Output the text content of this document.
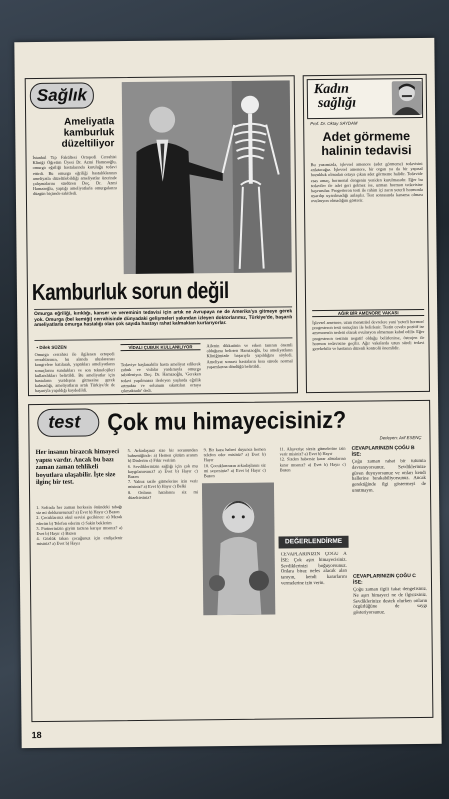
Sağlık
Ameliyatla kamburluk düzeltiliyor
İstanbul Tıp Fakültesi Ortopedi Cerrahisi Kliniği Öğretim Üyesi Dr. Azmi Hamzaoğlu, omurga eğriliği hastalarında kuruluğu tedavi ettirdi. Bu omurga eğriliği hastalıklarının ameliyatla düzeltilebildiği ameliyatlar üzerinde çalışmalarını sürdüren Doç. Dr. Azmi Hamzaoğlu, yaptığı ameliyatlarla omurgalarını düzgün biçimde sabitledi.
Kamburluk sorun değil
Omurga eğriliği, kırıklığı, kanser ve vereminin tedavisi için artık ne Avrupaya ne de Amerika'ya gitmeye gerek yok. Omurga (bel kemiği) cerrahisinde dünyadaki gelişmeleri yakından izleyen doktorlarımız, Türkiye'de, başarılı ameliyatlarla omurga hastalığı olan çok sayıda hastayı rahat kalmaktan kurtarıyorlar.
• Dilek SÜZEN
Omurga cerrahisi ile ilgilenen ortopedi cerrahlarının, bu alanda uluslararası kongrelere katılarak, yaptıkları ameliyatların sonuçlarını sundukları ve son teknolojileri kullandıkları belirtildi. Bu ameliyatlar için hastaların yurtdışına gitmesine gerek kalmadığı, ameliyatların artık Türkiye'de de başarıyla yapıldığı kaydedildi.
Tedaviye başlanabilir hasta ameliyat edilerek çubuk ve vidalar yardımıyla omurga sabitleniyor. Doç. Dr. Hamzaoğlu, 'Gereken tedavi yapılmazsa ilerleyen yaşlarda eğrilik artmakta ve solunum sıkıntıları ortaya çıkmaktadır' dedi.
VİDALI ÇUBUK KULLANILIYOR	Ailenin dikkatinin ve erken tanının önemli olduğunu belirten Hamzaoğlu, bu ameliyatların Kliniğimizde başarıyla yapıldığını söyledi. Ameliyat sonrası hastaların kısa sürede normal yaşamlarına döndüğü belirtildi.
Kadın
sağlığı
Prof. Dr. Oktay SAYDAM
Adet görmeme halinin tedavisi
Bu yazımızda, işlevsel amenore (adet görmeme) tedavisini anlatacağız. İşlevsel amenore, bir organ ya da bir yapısal bozukluk olmadan ortaya çıkan adet görmeme halidir. Tedavide esas amaç, hormonal dengenin yeniden kurulmasıdır. Eğer bu tedaviler ile adet geri gelmez ise, uzman hormon tedavisine başvurulur. Progesteron testi ile rahim içi zarın yeterli hormonla uyarılıp uyarılmadığı anlaşılır. Test sonrasında kanama olması ovulasyon olmadığını gösterir.
AĞIR BİR AMENORE VAKASI
İşlevsel amenore, uzun menstrüel devrelere yani 'yeterli hormon' progesteron testi sonuçları ile belirlenir. Testin cevabı pozitif ise amenorenin nedeni olarak ovulasyon olmaması kabul edilir. Eğer progesteron testinin negatif olduğu belirlenirse, östrojen ile hormon tedavisine geçilir. Ağır vakalarda uzun süreli tedavi gerekebilir ve hastanın düzenli kontrolü önemlidir.
test Çok mu himayecisiniz?
Derleyen: Arif ESENÇ
Her insanın birazcık himayeci yapısı vardır. Ancak bu bazı zaman zaman tehlikeli boyutlara ulaşabilir. İşte size ilginç bir test.
1. Sofrada her zaman herkesin önündeki tabağı siz mi doldurursunuz? a) Evet b) Hayır c) Bazen
2. Çocuklarınız okul servisi gecikince: a) Merak ederim b) Telefon ederim c) Sakin beklerim
3. Partnerinizin giyim tarzına karışır mısınız? a) Evet b) Hayır c) Bazen
4. Gözlük takan çocuğunuz için endişelenir misiniz? a) Evet b) Hayır
5. Arkadaşınız size bir sorunundan bahsettiğinde: a) Hemen çözüm ararım b) Dinlerim c) Fikir veririm
6. Sevdiklerinizin sağlığı için çok mu kaygılanırsınız? a) Evet b) Hayır c) Bazen
7. Yalnız tatile gitmelerine izin verir misiniz? a) Evet b) Hayır c) Belki
8. Onların hatalarını siz mi düzeltirsiniz?
9. Bir kaza haberi duyunca hemen telefon eder misiniz? a) Evet b) Hayır
10. Çocuklarınızın arkadaşlarını siz mi seçersiniz? a) Evet b) Hayır c) Bazen
11. Alışverişe sizsiz gitmelerine izin verir misiniz? a) Evet b) Hayır
12. Sizden habersiz karar almalarına kızar mısınız? a) Evet b) Hayır c) Bazen
DEĞERLENDİRME
CEVAPLARINIZIN ÇOĞU A İSE: Çok aşırı himayecisiniz. Sevdiklerinizi boğuyorsunuz. Onlara biraz nefes alacak alan tanıyın, kendi kararlarını vermelerine izin verin.
CEVAPLARINIZIN ÇOĞU B İSE:
Çoğu zaman rahat bir tutumla davranıyorsunuz. Sevdiklerinize güven duyuyorsunuz ve onları kendi hallerine bırakabiliyorsunuz. Ancak gerektiğinde ilgi göstermeyi de unutmayın.
CEVAPLARINIZIN ÇOĞU C İSE:
Çoğu zaman ilgili fakat dengelisiniz. Ne aşırı himayeci ne de ilgisizsiniz. Sevdiklerinize destek olurken onların özgürlüğüne de saygı gösteriyorsunuz.
18
